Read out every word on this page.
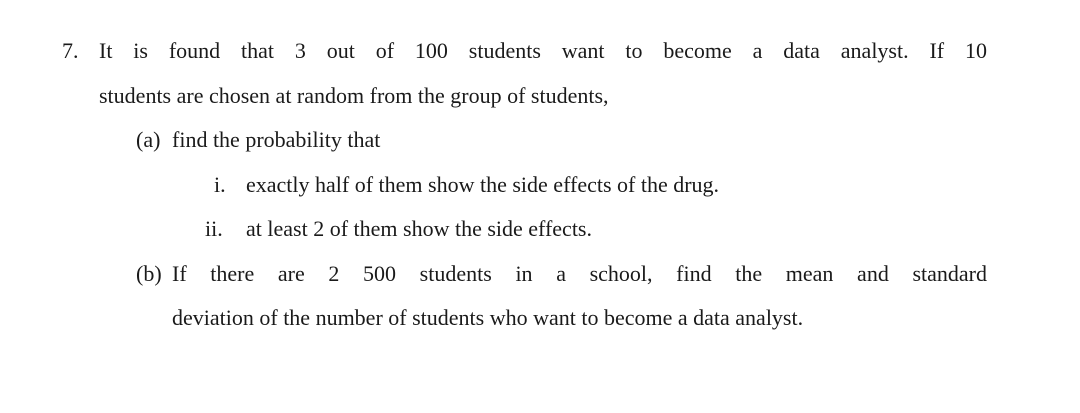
7. It is found that 3 out of 100 students want to become a data analyst. If 10
students are chosen at random from the group of students,
(a) find the probability that
i. exactly half of them show the side effects of the drug.
ii. at least 2 of them show the side effects.
(b) If there are 2 500 students in a school, find the mean and standard
deviation of the number of students who want to become a data analyst.
